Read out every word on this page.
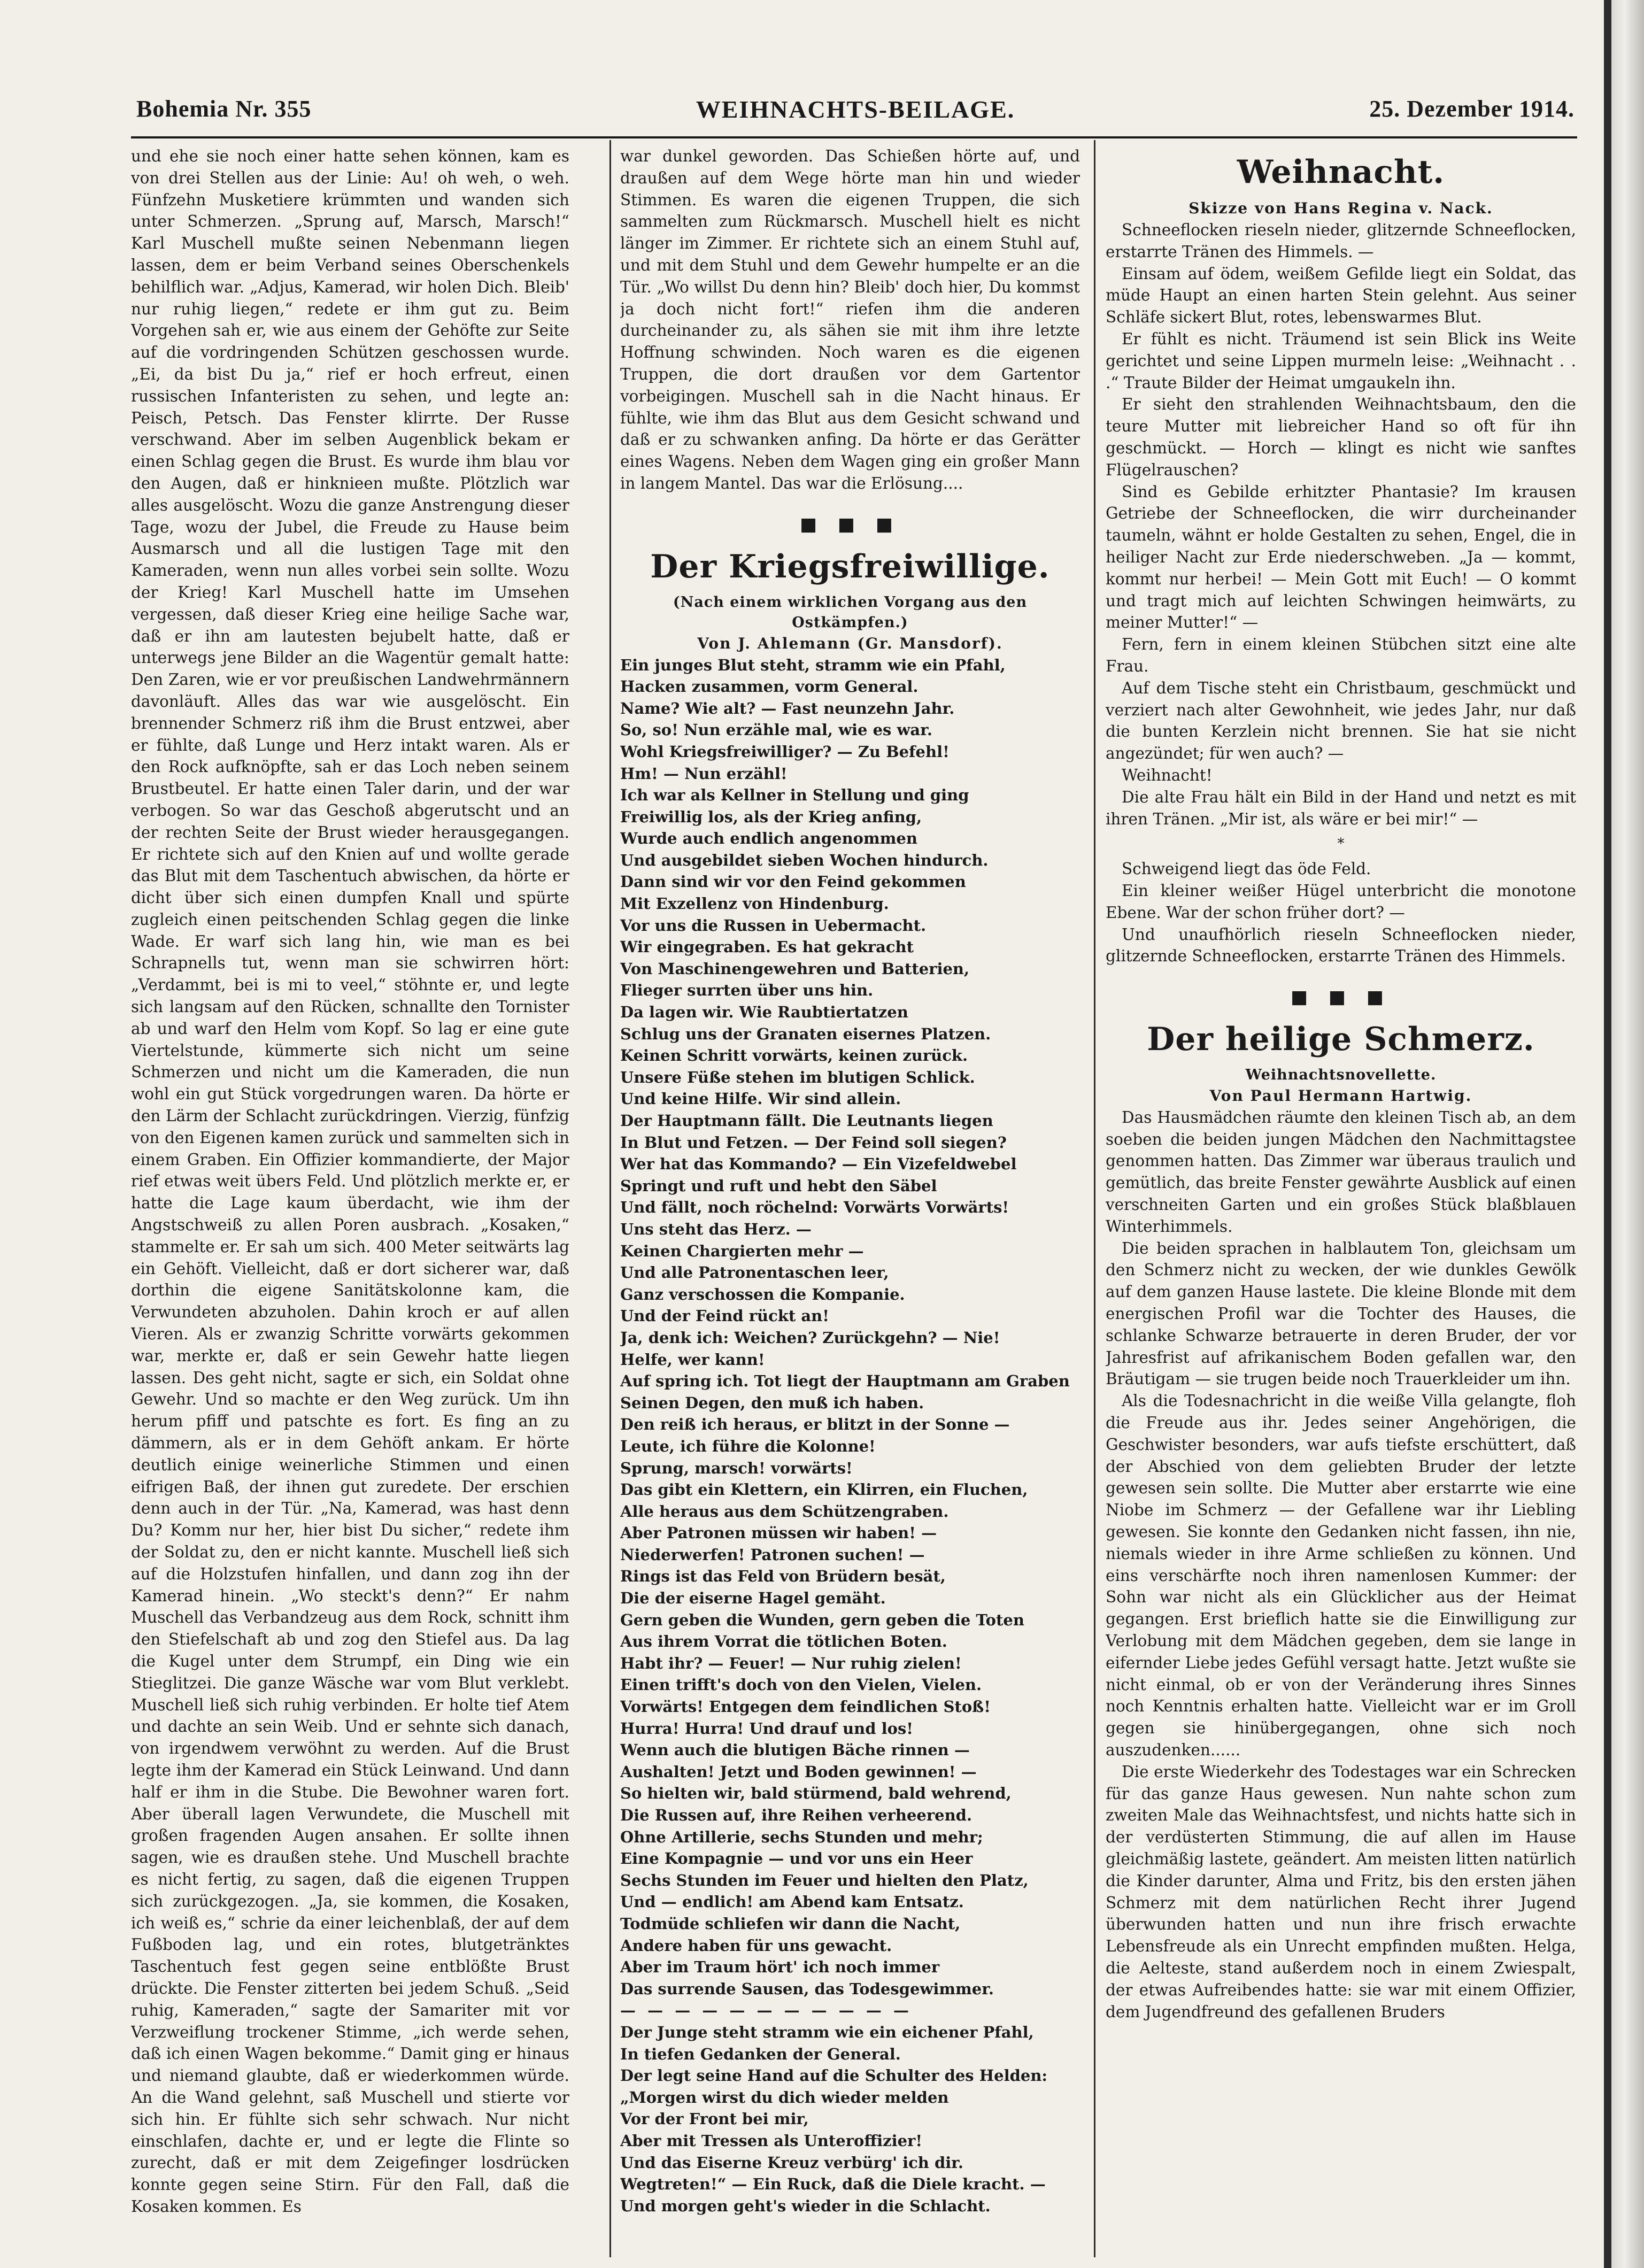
Bohemia Nr. 355	WEIHNACHTS-BEILAGE.	25. Dezember 1914.

und ehe sie noch einer hatte sehen können, kam es von drei Stellen aus der Linie: Au! oh weh, o weh. Fünfzehn Musketiere krümmten und wanden sich unter Schmerzen. „Sprung auf, Marsch, Marsch!“ Karl Muschell mußte seinen Nebenmann liegen lassen, dem er beim Verband seines Oberschenkels behilflich war. „Adjus, Kamerad, wir holen Dich. Bleib' nur ruhig liegen,“ redete er ihm gut zu. Beim Vorgehen sah er, wie aus einem der Gehöfte zur Seite auf die vordringenden Schützen geschossen wurde. „Ei, da bist Du ja,“ rief er hoch erfreut, einen russischen Infanteristen zu sehen, und legte an: Peisch, Petsch. Das Fenster klirrte. Der Russe verschwand. Aber im selben Augenblick bekam er einen Schlag gegen die Brust. Es wurde ihm blau vor den Augen, daß er hinknieen mußte. Plötzlich war alles ausgelöscht. Wozu die ganze Anstrengung dieser Tage, wozu der Jubel, die Freude zu Hause beim Ausmarsch und all die lustigen Tage mit den Kameraden, wenn nun alles vorbei sein sollte. Wozu der Krieg! Karl Muschell hatte im Umsehen vergessen, daß dieser Krieg eine heilige Sache war, daß er ihn am lautesten bejubelt hatte, daß er unterwegs jene Bilder an die Wagentür gemalt hatte: Den Zaren, wie er vor preußischen Landwehrmännern davonläuft. Alles das war wie ausgelöscht. Ein brennender Schmerz riß ihm die Brust entzwei, aber er fühlte, daß Lunge und Herz intakt waren. Als er den Rock aufknöpfte, sah er das Loch neben seinem Brustbeutel. Er hatte einen Taler darin, und der war verbogen. So war das Geschoß abgerutscht und an der rechten Seite der Brust wieder herausgegangen. Er richtete sich auf den Knien auf und wollte gerade das Blut mit dem Taschentuch abwischen, da hörte er dicht über sich einen dumpfen Knall und spürte zugleich einen peitschenden Schlag gegen die linke Wade. Er warf sich lang hin, wie man es bei Schrapnells tut, wenn man sie schwirren hört: „Verdammt, bei is mi to veel,“ stöhnte er, und legte sich langsam auf den Rücken, schnallte den Tornister ab und warf den Helm vom Kopf. So lag er eine gute Viertelstunde, kümmerte sich nicht um seine Schmerzen und nicht um die Kameraden, die nun wohl ein gut Stück vorgedrungen waren. Da hörte er den Lärm der Schlacht zurückdringen. Vierzig, fünfzig von den Eigenen kamen zurück und sammelten sich in einem Graben. Ein Offizier kommandierte, der Major rief etwas weit übers Feld. Und plötzlich merkte er, er hatte die Lage kaum überdacht, wie ihm der Angstschweiß zu allen Poren ausbrach. „Kosaken,“ stammelte er. Er sah um sich. 400 Meter seitwärts lag ein Gehöft. Vielleicht, daß er dort sicherer war, daß dorthin die eigene Sanitätskolonne kam, die Verwundeten abzuholen. Dahin kroch er auf allen Vieren. Als er zwanzig Schritte vorwärts gekommen war, merkte er, daß er sein Gewehr hatte liegen lassen. Des geht nicht, sagte er sich, ein Soldat ohne Gewehr. Und so machte er den Weg zurück. Um ihn herum pfiff und patschte es fort. Es fing an zu dämmern, als er in dem Gehöft ankam. Er hörte deutlich einige weinerliche Stimmen und einen eifrigen Baß, der ihnen gut zuredete. Der erschien denn auch in der Tür. „Na, Kamerad, was hast denn Du? Komm nur her, hier bist Du sicher,“ redete ihm der Soldat zu, den er nicht kannte. Muschell ließ sich auf die Holzstufen hinfallen, und dann zog ihn der Kamerad hinein. „Wo steckt's denn?“ Er nahm Muschell das Verbandzeug aus dem Rock, schnitt ihm den Stiefelschaft ab und zog den Stiefel aus. Da lag die Kugel unter dem Strumpf, ein Ding wie ein Stieglitzei. Die ganze Wäsche war vom Blut verklebt. Muschell ließ sich ruhig verbinden. Er holte tief Atem und dachte an sein Weib. Und er sehnte sich danach, von irgendwem verwöhnt zu werden. Auf die Brust legte ihm der Kamerad ein Stück Leinwand. Und dann half er ihm in die Stube. Die Bewohner waren fort. Aber überall lagen Verwundete, die Muschell mit großen fragenden Augen ansahen. Er sollte ihnen sagen, wie es draußen stehe. Und Muschell brachte es nicht fertig, zu sagen, daß die eigenen Truppen sich zurückgezogen. „Ja, sie kommen, die Kosaken, ich weiß es,“ schrie da einer leichenblaß, der auf dem Fußboden lag, und ein rotes, blutgetränktes Taschentuch fest gegen seine entblößte Brust drückte. Die Fenster zitterten bei jedem Schuß. „Seid ruhig, Kameraden,“ sagte der Samariter mit vor Verzweiflung trockener Stimme, „ich werde sehen, daß ich einen Wagen bekomme.“ Damit ging er hinaus und niemand glaubte, daß er wiederkommen würde. An die Wand gelehnt, saß Muschell und stierte vor sich hin. Er fühlte sich sehr schwach. Nur nicht einschlafen, dachte er, und er legte die Flinte so zurecht, daß er mit dem Zeigefinger losdrücken konnte gegen seine Stirn. Für den Fall, daß die Kosaken kommen. Es

war dunkel geworden. Das Schießen hörte auf, und draußen auf dem Wege hörte man hin und wieder Stimmen. Es waren die eigenen Truppen, die sich sammelten zum Rückmarsch. Muschell hielt es nicht länger im Zimmer. Er richtete sich an einem Stuhl auf, und mit dem Stuhl und dem Gewehr humpelte er an die Tür. „Wo willst Du denn hin? Bleib' doch hier, Du kommst ja doch nicht fort!“ riefen ihm die anderen durcheinander zu, als sähen sie mit ihm ihre letzte Hoffnung schwinden. Noch waren es die eigenen Truppen, die dort draußen vor dem Gartentor vorbeigingen. Muschell sah in die Nacht hinaus. Er fühlte, wie ihm das Blut aus dem Gesicht schwand und daß er zu schwanken anfing. Da hörte er das Gerätter eines Wagens. Neben dem Wagen ging ein großer Mann in langem Mantel. Das war die Erlösung....

■ ■ ■
Der Kriegsfreiwillige.
(Nach einem wirklichen Vorgang aus den Ostkämpfen.)
Von J. Ahlemann (Gr. Mansdorf).
Ein junges Blut steht, stramm wie ein Pfahl,
Hacken zusammen, vorm General.
Name? Wie alt? — Fast neunzehn Jahr.
So, so! Nun erzähle mal, wie es war.
Wohl Kriegsfreiwilliger? — Zu Befehl!
Hm! — Nun erzähl!
Ich war als Kellner in Stellung und ging
Freiwillig los, als der Krieg anfing,
Wurde auch endlich angenommen
Und ausgebildet sieben Wochen hindurch.
Dann sind wir vor den Feind gekommen
Mit Exzellenz von Hindenburg.
Vor uns die Russen in Uebermacht.
Wir eingegraben. Es hat gekracht
Von Maschinengewehren und Batterien,
Flieger surrten über uns hin.
Da lagen wir. Wie Raubtiertatzen
Schlug uns der Granaten eisernes Platzen.
Keinen Schritt vorwärts, keinen zurück.
Unsere Füße stehen im blutigen Schlick.
Und keine Hilfe. Wir sind allein.
Der Hauptmann fällt. Die Leutnants liegen
In Blut und Fetzen. — Der Feind soll siegen?
Wer hat das Kommando? — Ein Vizefeldwebel
Springt und ruft und hebt den Säbel
Und fällt, noch röchelnd: Vorwärts Vorwärts!
Uns steht das Herz. —
Keinen Chargierten mehr —
Und alle Patronentaschen leer,
Ganz verschossen die Kompanie.
Und der Feind rückt an!
Ja, denk ich: Weichen? Zurückgehn? — Nie!
Helfe, wer kann!
Auf spring ich. Tot liegt der Hauptmann am Graben
Seinen Degen, den muß ich haben.
Den reiß ich heraus, er blitzt in der Sonne —
Leute, ich führe die Kolonne!
Sprung, marsch! vorwärts!
Das gibt ein Klettern, ein Klirren, ein Fluchen,
Alle heraus aus dem Schützengraben.
Aber Patronen müssen wir haben! —
Niederwerfen! Patronen suchen! —
Rings ist das Feld von Brüdern besät,
Die der eiserne Hagel gemäht.
Gern geben die Wunden, gern geben die Toten
Aus ihrem Vorrat die tötlichen Boten.
Habt ihr? — Feuer! — Nur ruhig zielen!
Einen trifft's doch von den Vielen, Vielen.
Vorwärts! Entgegen dem feindlichen Stoß!
Hurra! Hurra! Und drauf und los!
Wenn auch die blutigen Bäche rinnen —
Aushalten! Jetzt und Boden gewinnen! —
So hielten wir, bald stürmend, bald wehrend,
Die Russen auf, ihre Reihen verheerend.
Ohne Artillerie, sechs Stunden und mehr;
Eine Kompagnie — und vor uns ein Heer
Sechs Stunden im Feuer und hielten den Platz,
Und — endlich! am Abend kam Entsatz.
Todmüde schliefen wir dann die Nacht,
Andere haben für uns gewacht.
Aber im Traum hört' ich noch immer
Das surrende Sausen, das Todesgewimmer.
— — — — — — — — — — —
Der Junge steht stramm wie ein eichener Pfahl,
In tiefen Gedanken der General.
Der legt seine Hand auf die Schulter des Helden:
„Morgen wirst du dich wieder melden
Vor der Front bei mir,
Aber mit Tressen als Unteroffizier!
Und das Eiserne Kreuz verbürg' ich dir.
Wegtreten!“ — Ein Ruck, daß die Diele kracht. —
Und morgen geht's wieder in die Schlacht.
Weihnacht.
Skizze von Hans Regina v. Nack.

Schneeflocken rieseln nieder, glitzernde Schneeflocken, erstarrte Tränen des Himmels. —

Einsam auf ödem, weißem Gefilde liegt ein Soldat, das müde Haupt an einen harten Stein gelehnt. Aus seiner Schläfe sickert Blut, rotes, lebenswarmes Blut.

Er fühlt es nicht. Träumend ist sein Blick ins Weite gerichtet und seine Lippen murmeln leise: „Weihnacht . . .“ Traute Bilder der Heimat umgaukeln ihn.

Er sieht den strahlenden Weihnachtsbaum, den die teure Mutter mit liebreicher Hand so oft für ihn geschmückt. — Horch — klingt es nicht wie sanftes Flügelrauschen?

Sind es Gebilde erhitzter Phantasie? Im krausen Getriebe der Schneeflocken, die wirr durcheinander taumeln, wähnt er holde Gestalten zu sehen, Engel, die in heiliger Nacht zur Erde niederschweben. „Ja — kommt, kommt nur herbei! — Mein Gott mit Euch! — O kommt und tragt mich auf leichten Schwingen heimwärts, zu meiner Mutter!“ —

Fern, fern in einem kleinen Stübchen sitzt eine alte Frau.

Auf dem Tische steht ein Christbaum, geschmückt und verziert nach alter Gewohnheit, wie jedes Jahr, nur daß die bunten Kerzlein nicht brennen. Sie hat sie nicht angezündet; für wen auch? —

Weihnacht!

Die alte Frau hält ein Bild in der Hand und netzt es mit ihren Tränen. „Mir ist, als wäre er bei mir!“ —

*

Schweigend liegt das öde Feld.

Ein kleiner weißer Hügel unterbricht die monotone Ebene. War der schon früher dort? —

Und unaufhörlich rieseln Schneeflocken nieder, glitzernde Schneeflocken, erstarrte Tränen des Himmels.

■ ■ ■
Der heilige Schmerz.
Weihnachtsnovellette.
Von Paul Hermann Hartwig.

Das Hausmädchen räumte den kleinen Tisch ab, an dem soeben die beiden jungen Mädchen den Nachmittagstee genommen hatten. Das Zimmer war überaus traulich und gemütlich, das breite Fenster gewährte Ausblick auf einen verschneiten Garten und ein großes Stück blaßblauen Winterhimmels.

Die beiden sprachen in halblautem Ton, gleichsam um den Schmerz nicht zu wecken, der wie dunkles Gewölk auf dem ganzen Hause lastete. Die kleine Blonde mit dem energischen Profil war die Tochter des Hauses, die schlanke Schwarze betrauerte in deren Bruder, der vor Jahresfrist auf afrikanischem Boden gefallen war, den Bräutigam — sie trugen beide noch Trauerkleider um ihn.

Als die Todesnachricht in die weiße Villa gelangte, floh die Freude aus ihr. Jedes seiner Angehörigen, die Geschwister besonders, war aufs tiefste erschüttert, daß der Abschied von dem geliebten Bruder der letzte gewesen sein sollte. Die Mutter aber erstarrte wie eine Niobe im Schmerz — der Gefallene war ihr Liebling gewesen. Sie konnte den Gedanken nicht fassen, ihn nie, niemals wieder in ihre Arme schließen zu können. Und eins verschärfte noch ihren namenlosen Kummer: der Sohn war nicht als ein Glücklicher aus der Heimat gegangen. Erst brieflich hatte sie die Einwilligung zur Verlobung mit dem Mädchen gegeben, dem sie lange in eifernder Liebe jedes Gefühl versagt hatte. Jetzt wußte sie nicht einmal, ob er von der Veränderung ihres Sinnes noch Kenntnis erhalten hatte. Vielleicht war er im Groll gegen sie hinübergegangen, ohne sich noch auszudenken......

Die erste Wiederkehr des Todestages war ein Schrecken für das ganze Haus gewesen. Nun nahte schon zum zweiten Male das Weihnachtsfest, und nichts hatte sich in der verdüsterten Stimmung, die auf allen im Hause gleichmäßig lastete, geändert. Am meisten litten natürlich die Kinder darunter, Alma und Fritz, bis den ersten jähen Schmerz mit dem natürlichen Recht ihrer Jugend überwunden hatten und nun ihre frisch erwachte Lebensfreude als ein Unrecht empfinden mußten. Helga, die Aelteste, stand außerdem noch in einem Zwiespalt, der etwas Aufreibendes hatte: sie war mit einem Offizier, dem Jugendfreund des gefallenen Bruders
